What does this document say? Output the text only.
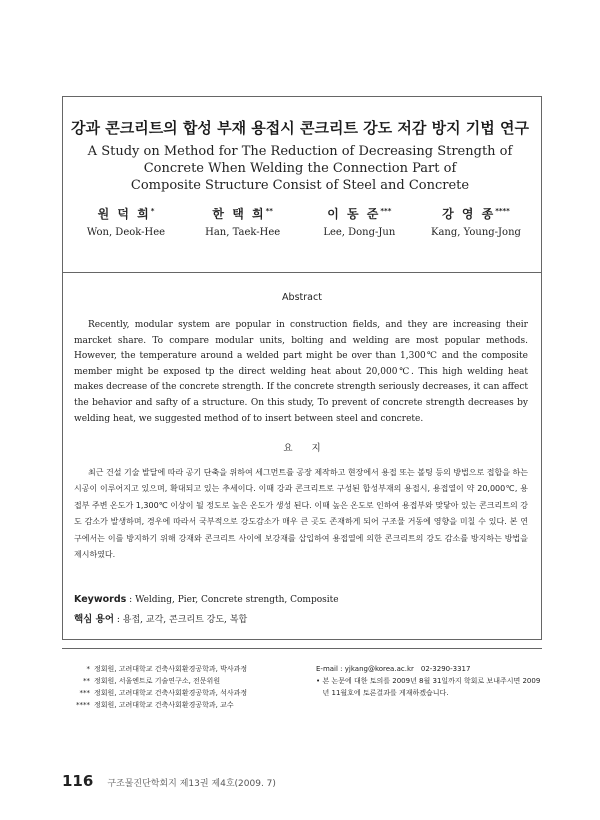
강과 콘크리트의 합성 부재 용접시 콘크리트 강도 저감 방지 기법 연구
A Study on Method for The Reduction of Decreasing Strength of
Concrete When Welding the Connection Part of
Composite Structure Consist of Steel and Concrete
원 덕 희*
Won, Deok-Hee
한 택 희**
Han, Taek-Hee
이 동 준***
Lee, Dong-Jun
강 영 종****
Kang, Young-Jong
Abstract

Recently, modular system are popular in construction fields, and they are increasing their marcket share. To compare modular units, bolting and welding are most popular methods. However, the temperature around a welded part might be over than 1,300℃ and the composite member might be exposed tp the direct welding heat about 20,000℃. This high welding heat makes decrease of the concrete strength. If the concrete strength seriously decreases, it can affect the behavior and safty of a structure. On this study, To prevent of concrete strength decreases by welding heat, we suggested method of to insert between steel and concrete.

요　　지

최근 건설 기술 발달에 따라 공기 단축을 위하여 세그먼트를 공장 제작하고 현장에서 용접 또는 볼팅 등의 방법으로 접합을 하는 시공이 이루어지고 있으며, 확대되고 있는 추세이다. 이때 강과 콘크리트로 구성된 합성부재의 용접시, 용접열이 약 20,000℃, 용접부 주변 온도가 1,300℃ 이상이 될 정도로 높은 온도가 생성 된다. 이때 높은 온도로 인하여 용접부와 맞닿아 있는 콘크리트의 강도 감소가 발생하며, 경우에 따라서 국부적으로 강도감소가 매우 큰 곳도 존재하게 되어 구조물 거동에 영향을 미칠 수 있다. 본 연구에서는 이를 방지하기 위해 강재와 콘크리트 사이에 보강재를 삽입하여 용접열에 의한 콘크리트의 강도 감소를 방지하는 방법을 제시하였다.

Keywords : Welding, Pier, Concrete strength, Composite
핵심 용어 : 용접, 교각, 콘크리트 강도, 복합
* 정회원, 고려대학교 건축사회환경공학과, 박사과정
** 정회원, 서울엔트로 기술연구소, 전문위원
*** 정회원, 고려대학교 건축사회환경공학과, 석사과정
**** 정회원, 고려대학교 건축사회환경공학과, 교수
E-mail : yjkang@korea.ac.kr　02-3290-3317
• 본 논문에 대한 토의를 2009년 8월 31일까지 학회로 보내주시면 2009년 11월호에 토론결과를 게재하겠습니다.
116 구조물진단학회지 제13권 제4호(2009. 7)
